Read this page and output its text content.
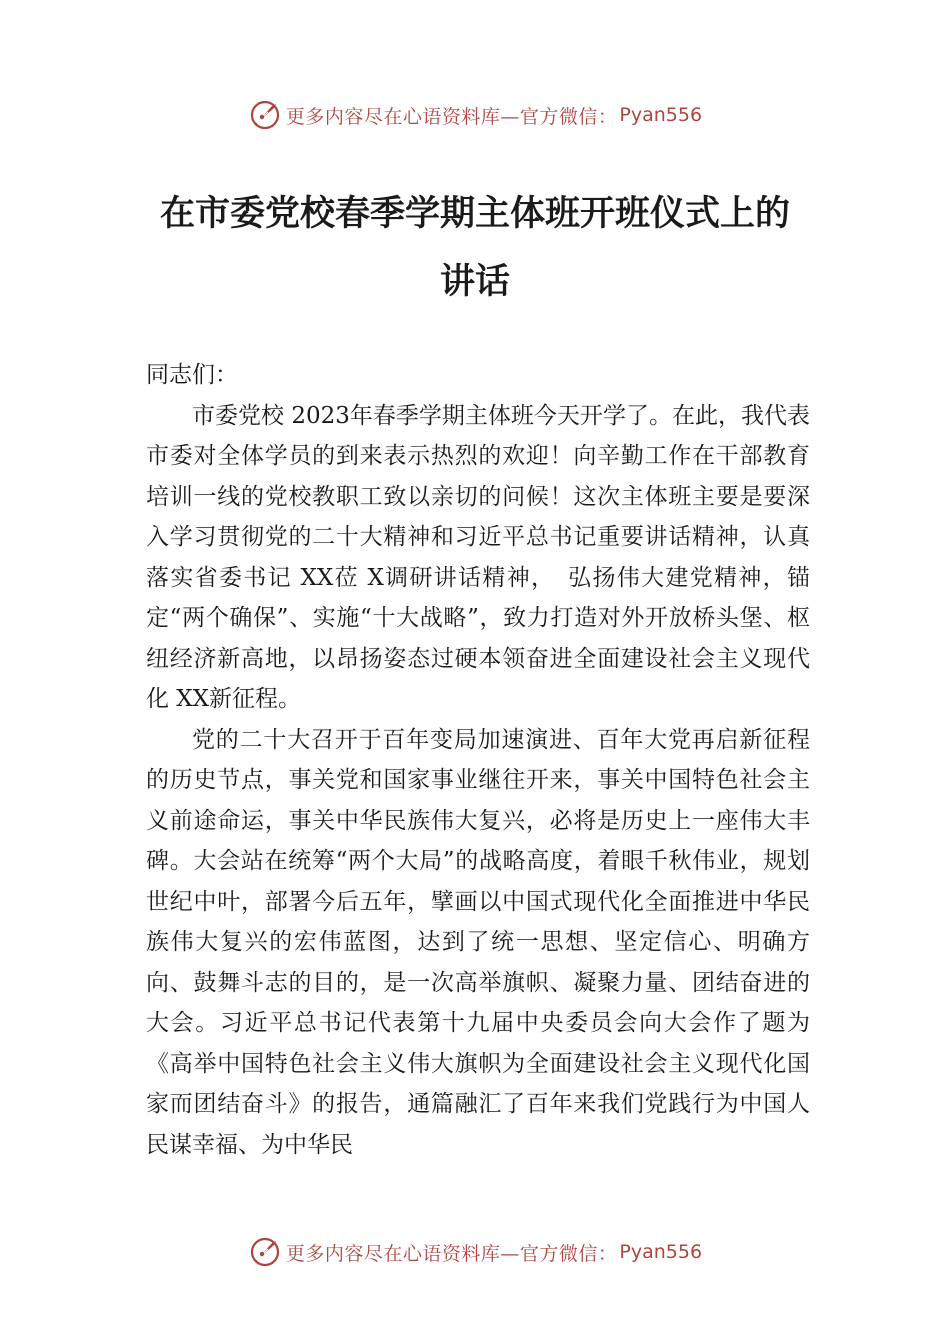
更多内容尽在心语资料库—官方微信： Pyan556
在市委党校春季学期主体班开班仪式上的
讲话

同志们：

市委党校 2023年春季学期主体班今天开学了。在此，我代表市委对全体学员的到来表示热烈的欢迎！向辛勤工作在干部教育培训一线的党校教职工致以亲切的问候！这次主体班主要是要深入学习贯彻党的二十大精神和习近平总书记重要讲话精神，认真落实省委书记 XX莅 X调研讲话精神，　弘扬伟大建党精神，锚定“两个确保”、实施“十大战略”，致力打造对外开放桥头堡、枢纽经济新高地，以昂扬姿态过硬本领奋进全面建设社会主义现代化 XX新征程。

党的二十大召开于百年变局加速演进、百年大党再启新征程的历史节点，事关党和国家事业继往开来，事关中国特色社会主义前途命运，事关中华民族伟大复兴，必将是历史上一座伟大丰碑。大会站在统筹“两个大局”的战略高度，着眼千秋伟业，规划世纪中叶，部署今后五年，擘画以中国式现代化全面推进中华民族伟大复兴的宏伟蓝图，达到了统一思想、坚定信心、明确方向、鼓舞斗志的目的，是一次高举旗帜、凝聚力量、团结奋进的大会。习近平总书记代表第十九届中央委员会向大会作了题为《高举中国特色社会主义伟大旗帜为全面建设社会主义现代化国家而团结奋斗》的报告，通篇融汇了百年来我们党践行为中国人民谋幸福、为中华民

更多内容尽在心语资料库—官方微信： Pyan556
